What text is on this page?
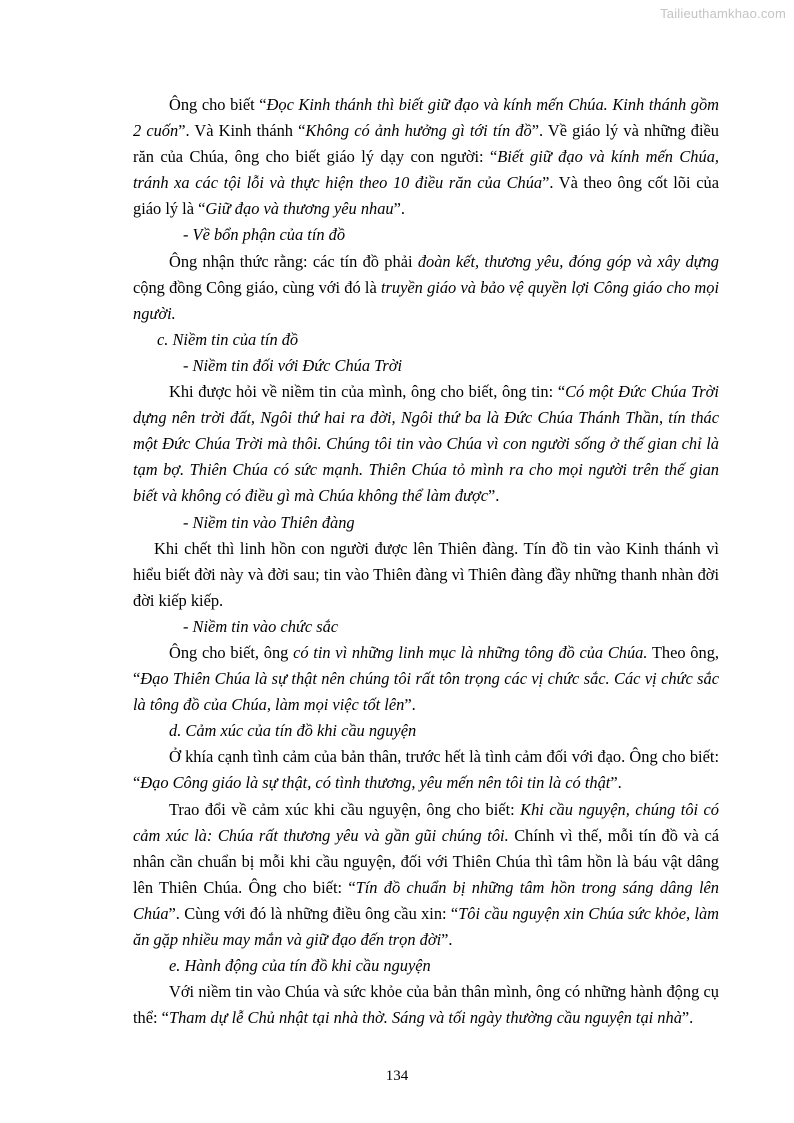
Tailieuthamkhao.com

Ông cho biết “Đọc Kinh thánh thì biết giữ đạo và kính mến Chúa. Kinh thánh gồm 2 cuốn”. Và Kinh thánh “Không có ảnh hưởng gì tới tín đồ”. Về giáo lý và những điều răn của Chúa, ông cho biết giáo lý dạy con người: “Biết giữ đạo và kính mến Chúa, tránh xa các tội lỗi và thực hiện theo 10 điều răn của Chúa”. Và theo ông cốt lõi của giáo lý là “Giữ đạo và thương yêu nhau”.

- Về bổn phận của tín đồ

Ông nhận thức rằng: các tín đồ phải đoàn kết, thương yêu, đóng góp và xây dựng cộng đồng Công giáo, cùng với đó là truyền giáo và bảo vệ quyền lợi Công giáo cho mọi người.

c. Niềm tin của tín đồ

- Niềm tin đối với Đức Chúa Trời

Khi được hỏi về niềm tin của mình, ông cho biết, ông tin: “Có một Đức Chúa Trời dựng nên trời đất, Ngôi thứ hai ra đời, Ngôi thứ ba là Đức Chúa Thánh Thần, tín thác một Đức Chúa Trời mà thôi. Chúng tôi tin vào Chúa vì con người sống ở thế gian chỉ là tạm bợ. Thiên Chúa có sức mạnh. Thiên Chúa tỏ mình ra cho mọi người trên thế gian biết và không có điều gì mà Chúa không thể làm được”.

- Niềm tin vào Thiên đàng

Khi chết thì linh hồn con người được lên Thiên đàng. Tín đồ tin vào Kinh thánh vì hiểu biết đời này và đời sau; tin vào Thiên đàng vì Thiên đàng đầy những thanh nhàn đời đời kiếp kiếp.

- Niềm tin vào chức sắc

Ông cho biết, ông có tin vì những linh mục là những tông đồ của Chúa. Theo ông, “Đạo Thiên Chúa là sự thật nên chúng tôi rất tôn trọng các vị chức sắc. Các vị chức sắc là tông đồ của Chúa, làm mọi việc tốt lên”.

d. Cảm xúc của tín đồ khi cầu nguyện

Ở khía cạnh tình cảm của bản thân, trước hết là tình cảm đối với đạo. Ông cho biết: “Đạo Công giáo là sự thật, có tình thương, yêu mến nên tôi tin là có thật”.

Trao đổi về cảm xúc khi cầu nguyện, ông cho biết: Khi cầu nguyện, chúng tôi có cảm xúc là: Chúa rất thương yêu và gần gũi chúng tôi. Chính vì thế, mỗi tín đồ và cá nhân cần chuẩn bị mỗi khi cầu nguyện, đối với Thiên Chúa thì tâm hồn là báu vật dâng lên Thiên Chúa. Ông cho biết: “Tín đồ chuẩn bị những tâm hồn trong sáng dâng lên Chúa”. Cùng với đó là những điều ông cầu xin: “Tôi cầu nguyện xin Chúa sức khỏe, làm ăn gặp nhiều may mắn và giữ đạo đến trọn đời”.

e. Hành động của tín đồ khi cầu nguyện

Với niềm tin vào Chúa và sức khỏe của bản thân mình, ông có những hành động cụ thể: “Tham dự lễ Chủ nhật tại nhà thờ. Sáng và tối ngày thường cầu nguyện tại nhà”.

134
